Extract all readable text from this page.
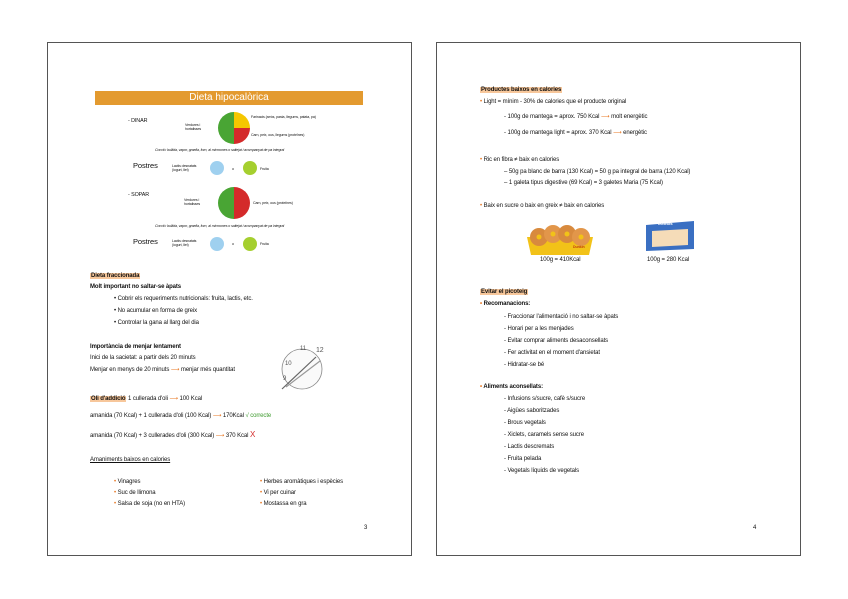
Dieta hipocalòrica
- DINAR
Verdures i hortalisses
Farinacis (arròs, pasta, llegums, patata, pa)
Carn, peix, ous, llegums (proteïnes)
Cocció: bullida, vapor, graella, forn, al microones o saltejat i acompanyat de pa integral
Postres	Lactis desnatats (iogurt, llet)	o	Fruita
- SOPAR
Verdures i hortalisses	Carn, peix, ous (proteïnes)
Cocció: bullida, vapor, graella, forn, al microones o saltejat i acompanyat de pa integral
Postres	Lactis desnatats (iogurt, llet)	o	Fruita
Dieta fraccionada
Molt important no saltar-se àpats
• Cobrir els requeriments nutricionals: fruita, lactis, etc.
• No acumular en forma de greix
• Controlar la gana al llarg del dia
Importància de menjar lentament
Inici de la sacietat: a partir dels 20 minuts
Menjar en menys de 20 minuts ⟶ menjar més quantitat
11 12
10
9
Oli d'addició 1 cullerada d'oli ⟶ 100 Kcal
amanida (70 Kcal) + 1 cullerada d'oli (100 Kcal) ⟶ 170Kcal √ correcte
amanida (70 Kcal) + 3 cullerades d'oli (300 Kcal) ⟶ 370 Kcal X
Amaniments baixos en calories
• Vinagres
• Suc de llimona
• Salsa de soja (no en HTA)
• Herbes aromàtiques i espècies
• Vi per cuinar
• Mostassa en gra
3
Productes baixos en calories
• Light = mínim - 30% de calories que el producte original
- 100g de mantega = aprox. 750 Kcal ⟶ molt energètic
- 100g de mantega light = aprox. 370 Kcal ⟶ energètic
• Ric en fibra ≠ baix en calories
– 50g pa blanc de barra (130 Kcal) = 50 g pa integral de barra (120 Kcal)
– 1 galeta tipus digestive (69 Kcal) = 3 galetes Maria (75 Kcal)
• Baix en sucre o baix en greix ≠ baix en calories
Dunkin
100g = 410Kcal
Donettes
100g = 280 Kcal
Evitar el picoteig
• Recomanacions:
- Fraccionar l'alimentació i no saltar-se àpats
- Horari per a les menjades
- Evitar comprar aliments desaconsellats
- Fer activitat en el moment d'ansietat
- Hidratar-se bé
• Aliments aconsellats:
- Infusions s/sucre, cafè s/sucre
- Aigües saboritzades
- Brous vegetals
- Xiclets, caramels sense sucre
- Lactis descremats
- Fruita pelada
- Vegetals líquids de vegetals
4
